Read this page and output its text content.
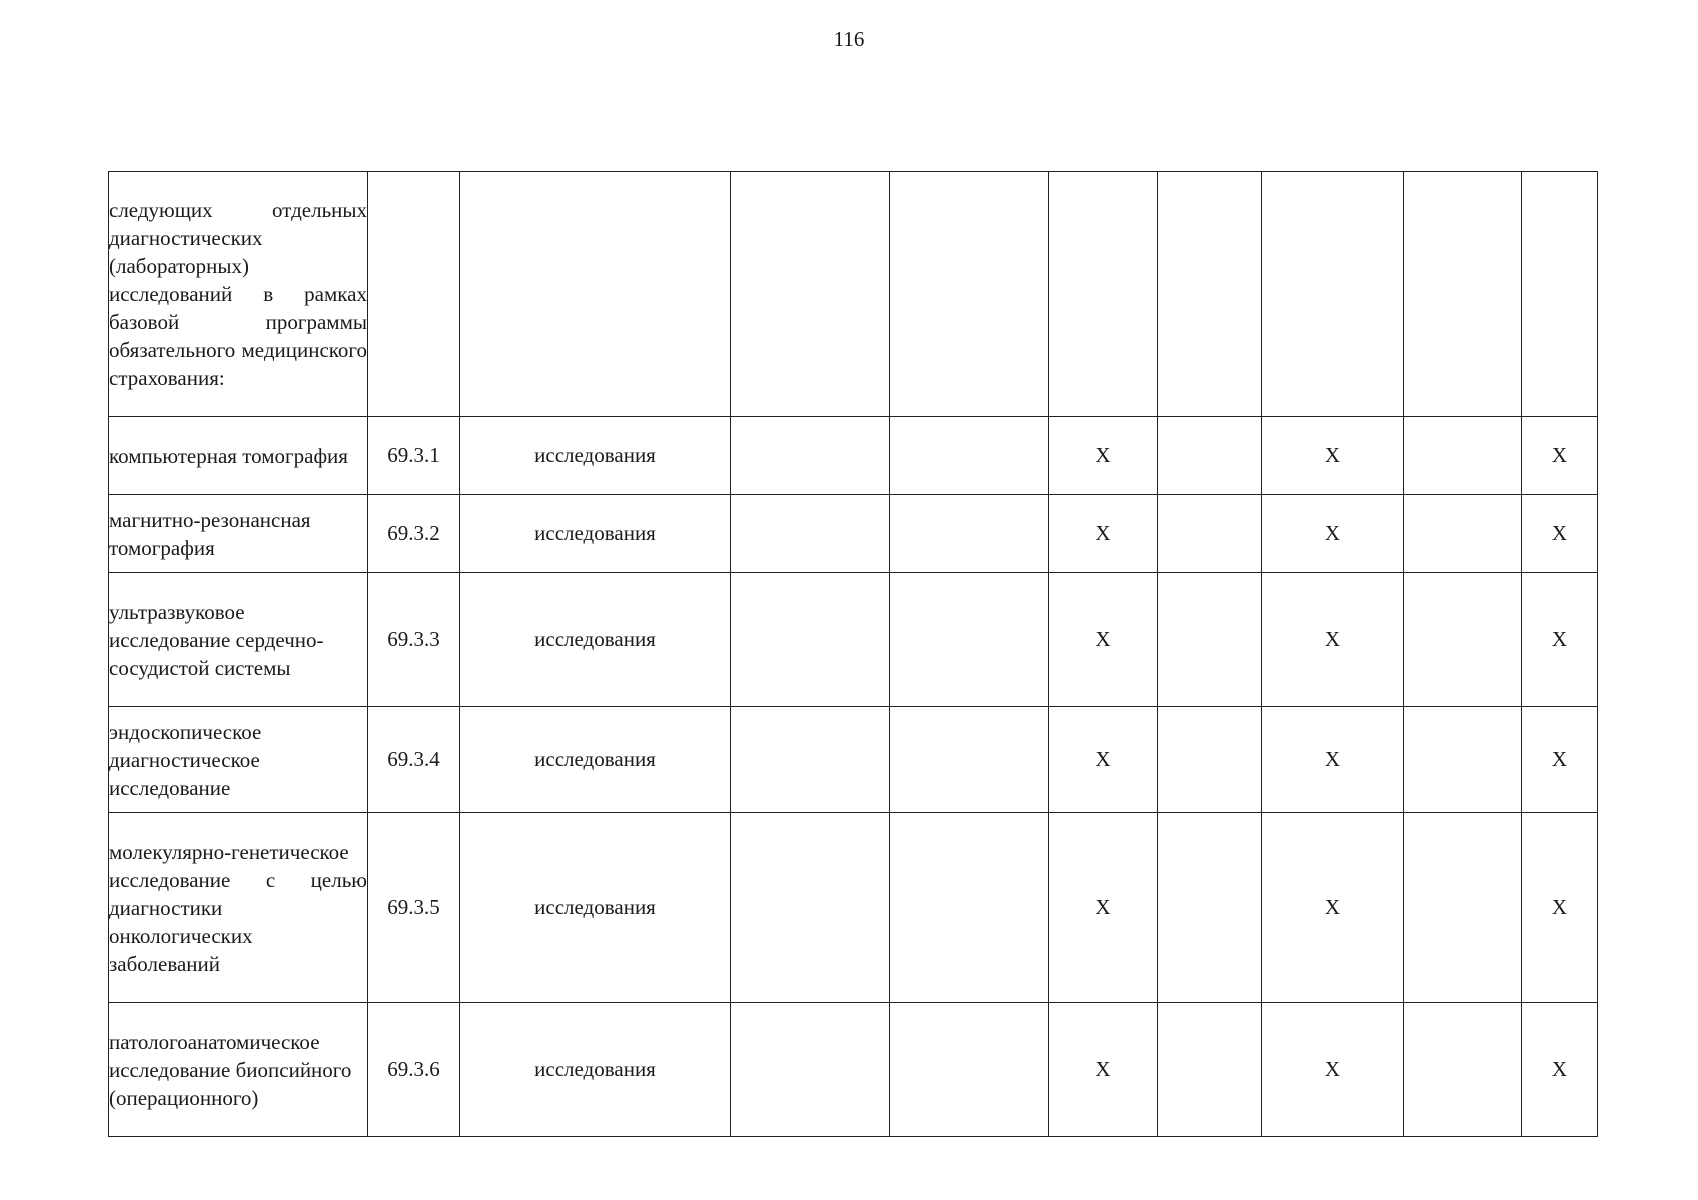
116
следующих отдельных диагностических (лабораторных) исследований в рамках базовой программы обязательного медицинского страхования:									
компьютерная томография	69.3.1	исследования			X		X		X
магнитно-резонансная томография	69.3.2	исследования			X		X		X
ультразвуковое исследование сердечно-сосудистой системы	69.3.3	исследования			X		X		X
эндоскопическое диагностическое исследование	69.3.4	исследования			X		X		X
молекулярно-генетическое исследование с целью диагностики онкологических заболеваний	69.3.5	исследования			X		X		X
патологоанатомическое исследование биопсийного (операционного)	69.3.6	исследования			X		X		X
